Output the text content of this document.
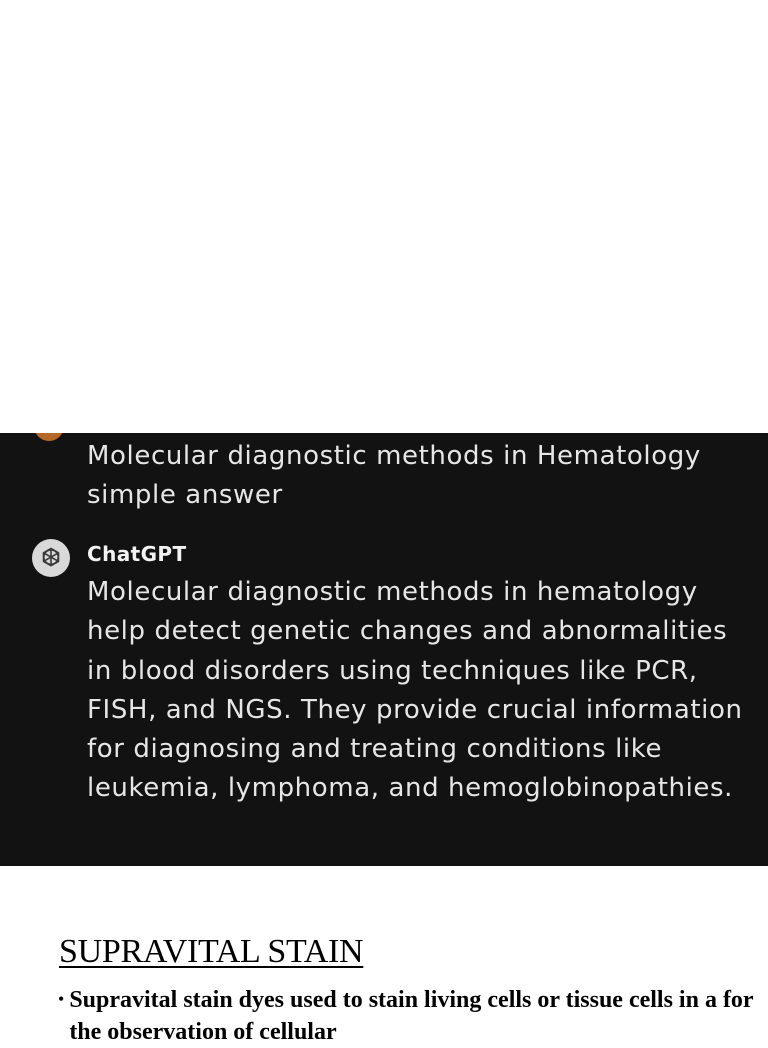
Molecular diagnostic methods in Hematology simple answer
ChatGPT
Molecular diagnostic methods in hematology help detect genetic changes and abnormalities in blood disorders using techniques like PCR, FISH, and NGS. They provide crucial information for diagnosing and treating conditions like leukemia, lymphoma, and hemoglobinopathies.
SUPRAVITAL STAIN
• Supravital stain dyes used to stain living cells or tissue cells in a for the observation of cellular
